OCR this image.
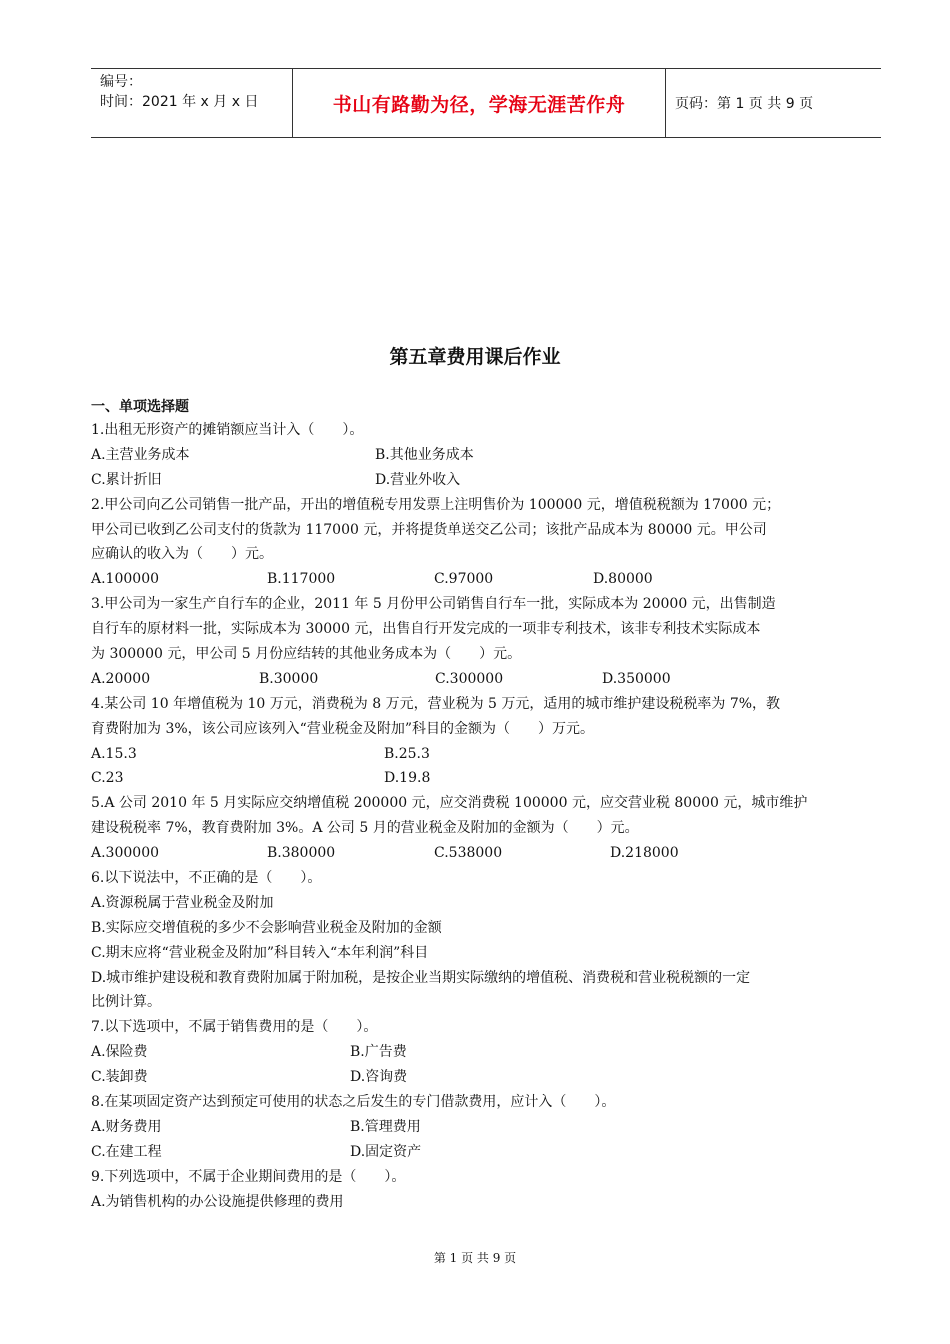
编号：
时间：2021 年 x 月 x 日	书山有路勤为径，学海无涯苦作舟	页码：第 1 页 共 9 页
第五章费用课后作业
一、单项选择题
1.出租无形资产的摊销额应当计入（　　）。
A.主营业务成本	B.其他业务成本
C.累计折旧	D.营业外收入
2.甲公司向乙公司销售一批产品，开出的增值税专用发票上注明售价为 100000 元，增值税税额为 17000 元；
甲公司已收到乙公司支付的货款为 117000 元，并将提货单送交乙公司；该批产品成本为 80000 元。甲公司
应确认的收入为（　　）元。
A.100000	B.117000	C.97000	D.80000
3.甲公司为一家生产自行车的企业，2011 年 5 月份甲公司销售自行车一批，实际成本为 20000 元，出售制造
自行车的原材料一批，实际成本为 30000 元，出售自行开发完成的一项非专利技术，该非专利技术实际成本
为 300000 元，甲公司 5 月份应结转的其他业务成本为（　　）元。
A.20000	B.30000	C.300000	D.350000
4.某公司 10 年增值税为 10 万元，消费税为 8 万元，营业税为 5 万元，适用的城市维护建设税税率为 7%，教
育费附加为 3%，该公司应该列入“营业税金及附加”科目的金额为（　　）万元。
A.15.3	B.25.3
C.23	D.19.8
5.A 公司 2010 年 5 月实际应交纳增值税 200000 元，应交消费税 100000 元，应交营业税 80000 元，城市维护
建设税税率 7%，教育费附加 3%。A 公司 5 月的营业税金及附加的金额为（　　）元。
A.300000	B.380000	C.538000	D.218000
6.以下说法中，不正确的是（　　）。
A.资源税属于营业税金及附加
B.实际应交增值税的多少不会影响营业税金及附加的金额
C.期末应将“营业税金及附加”科目转入“本年利润”科目
D.城市维护建设税和教育费附加属于附加税，是按企业当期实际缴纳的增值税、消费税和营业税税额的一定
比例计算。
7.以下选项中，不属于销售费用的是（　　）。
A.保险费	B.广告费
C.装卸费	D.咨询费
8.在某项固定资产达到预定可使用的状态之后发生的专门借款费用，应计入（　　）。
A.财务费用	B.管理费用
C.在建工程	D.固定资产
9.下列选项中，不属于企业期间费用的是（　　）。
A.为销售机构的办公设施提供修理的费用
第 1 页 共 9 页
